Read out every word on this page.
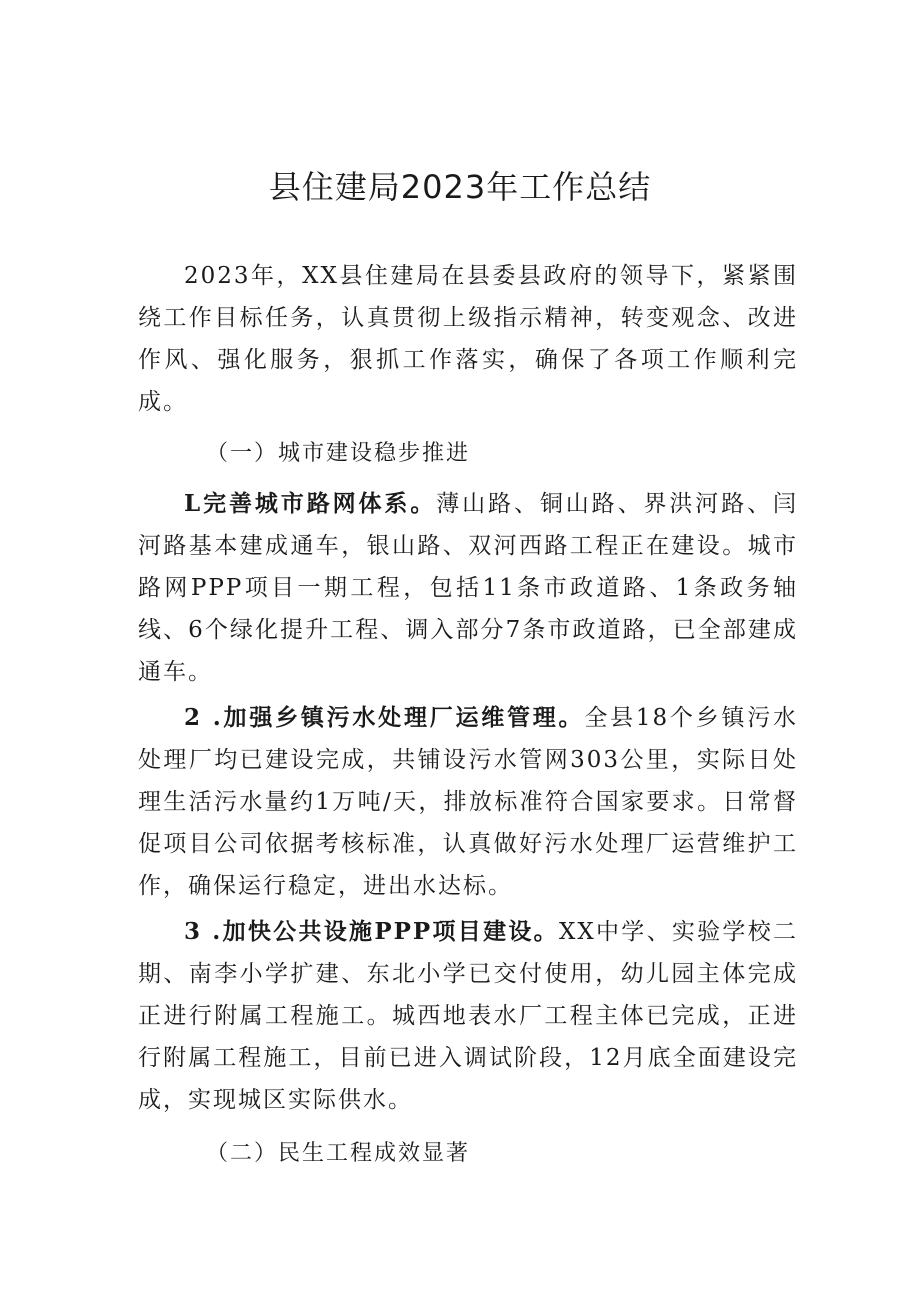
县住建局2023年工作总结

2023年，XX县住建局在县委县政府的领导下，紧紧围绕工作目标任务，认真贯彻上级指示精神，转变观念、改进作风、强化服务，狠抓工作落实，确保了各项工作顺利完成。

（一）城市建设稳步推进

L完善城市路网体系。薄山路、铜山路、界洪河路、闫河路基本建成通车，银山路、双河西路工程正在建设。城市路网PPP项目一期工程，包括11条市政道路、1条政务轴线、6个绿化提升工程、调入部分7条市政道路，已全部建成通车。

2 .加强乡镇污水处理厂运维管理。全县18个乡镇污水处理厂均已建设完成，共铺设污水管网303公里，实际日处理生活污水量约1万吨/天，排放标准符合国家要求。日常督促项目公司依据考核标准，认真做好污水处理厂运营维护工作，确保运行稳定，进出水达标。

3 .加快公共设施PPP项目建设。XX中学、实验学校二期、南李小学扩建、东北小学已交付使用，幼儿园主体完成正进行附属工程施工。城西地表水厂工程主体已完成，正进行附属工程施工，目前已进入调试阶段，12月底全面建设完成，实现城区实际供水。

（二）民生工程成效显著
